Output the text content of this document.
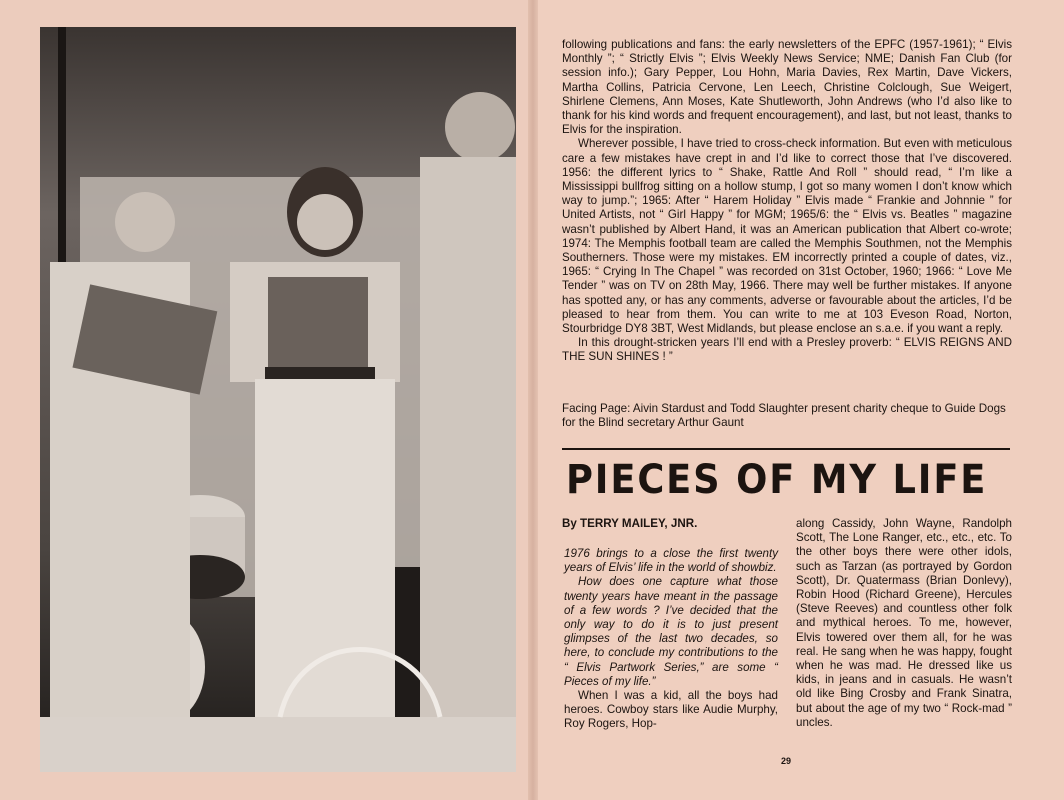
following publications and fans: the early newsletters of the EPFC (1957-1961); “ Elvis Monthly ”; “ Strictly Elvis ”; Elvis Weekly News Service; NME; Danish Fan Club (for session info.); Gary Pepper, Lou Hohn, Maria Davies, Rex Martin, Dave Vickers, Martha Collins, Patricia Cervone, Len Leech, Christine Colclough, Sue Weigert, Shirlene Clemens, Ann Moses, Kate Shutleworth, John Andrews (who I’d also like to thank for his kind words and frequent encouragement), and last, but not least, thanks to Elvis for the inspiration.

Wherever possible, I have tried to cross-check information. But even with meticulous care a few mistakes have crept in and I’d like to correct those that I’ve discovered. 1956: the different lyrics to “ Shake, Rattle And Roll ” should read, “ I’m like a Mississippi bullfrog sitting on a hollow stump, I got so many women I don’t know which way to jump.”; 1965: After “ Harem Holiday ” Elvis made “ Frankie and Johnnie ” for United Artists, not “ Girl Happy ” for MGM; 1965/6: the “ Elvis vs. Beatles ” magazine wasn’t published by Albert Hand, it was an American publication that Albert co-wrote; 1974: The Memphis football team are called the Memphis Southmen, not the Memphis Southerners. Those were my mistakes. EM incorrectly printed a couple of dates, viz., 1965: “ Crying In The Chapel ” was recorded on 31st October, 1960; 1966: “ Love Me Tender ” was on TV on 28th May, 1966. There may well be further mistakes. If anyone has spotted any, or has any comments, adverse or favourable about the articles, I’d be pleased to hear from them. You can write to me at 103 Eveson Road, Norton, Stourbridge DY8 3BT, West Midlands, but please enclose an s.a.e. if you want a reply.

In this drought-stricken years I’ll end with a Presley proverb: “ ELVIS REIGNS AND THE SUN SHINES ! ”

Facing Page: Aivin Stardust and Todd Slaughter present charity cheque to Guide Dogs for the Blind secretary Arthur Gaunt

PIECES OF MY LIFE
By TERRY MAILEY, JNR.

1976 brings to a close the first twenty years of Elvis’ life in the world of showbiz.

How does one capture what those twenty years have meant in the passage of a few words ? I’ve decided that the only way to do it is to just present glimpses of the last two decades, so here, to conclude my contributions to the “ Elvis Partwork Series,” are some “ Pieces of my life.”

When I was a kid, all the boys had heroes. Cowboy stars like Audie Murphy, Roy Rogers, Hop-

along Cassidy, John Wayne, Randolph Scott, The Lone Ranger, etc., etc., etc. To the other boys there were other idols, such as Tarzan (as portrayed by Gordon Scott), Dr. Quatermass (Brian Donlevy), Robin Hood (Richard Greene), Hercules (Steve Reeves) and countless other folk and mythical heroes. To me, however, Elvis towered over them all, for he was real. He sang when he was happy, fought when he was mad. He dressed like us kids, in jeans and in casuals. He wasn’t old like Bing Crosby and Frank Sinatra, but about the age of my two “ Rock-mad ” uncles.

29
